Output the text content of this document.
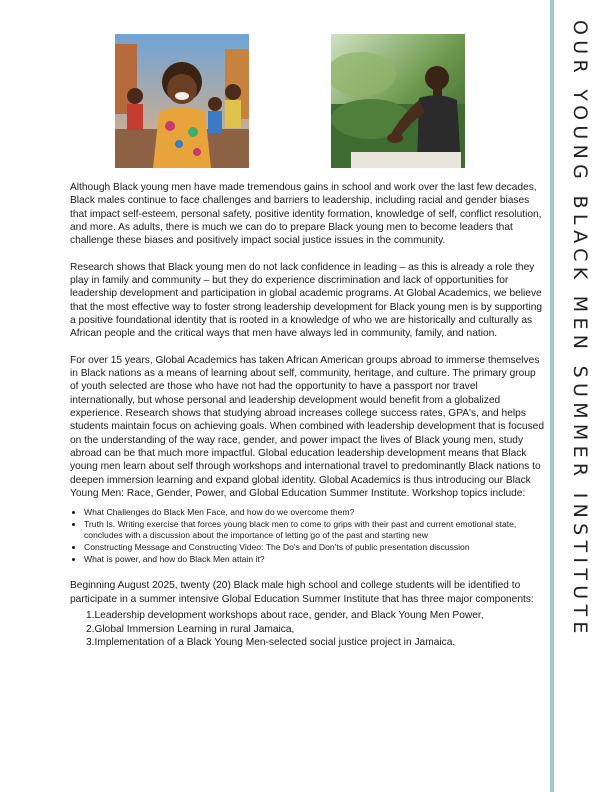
OUR YOUNG BLACK MEN SUMMER INSTITUTE

Although Black young men have made tremendous gains in school and work over the last few decades, Black males continue to face challenges and barriers to leadership, including racial and gender biases that impact self-esteem, personal safety, positive identity formation, knowledge of self, conflict resolution, and more. As adults, there is much we can do to prepare Black young men to become leaders that challenge these biases and positively impact social justice issues in the community.

Research shows that Black young men do not lack confidence in leading – as this is already a role they play in family and community – but they do experience discrimination and lack of opportunities for leadership development and participation in global academic programs. At Global Academics, we believe that the most effective way to foster strong leadership development for Black young men is by supporting a positive foundational identity that is rooted in a knowledge of who we are historically and culturally as African people and the critical ways that men have always led in community, family, and nation.

For over 15 years, Global Academics has taken African American groups abroad to immerse themselves in Black nations as a means of learning about self, community, heritage, and culture. The primary group of youth selected are those who have not had the opportunity to have a passport nor travel internationally, but whose personal and leadership development would benefit from a globalized experience. Research shows that studying abroad increases college success rates, GPA's, and helps students maintain focus on achieving goals. When combined with leadership development that is focused on the understanding of the way race, gender, and power impact the lives of Black young men, study abroad can be that much more impactful. Global education leadership development means that Black young men learn about self through workshops and international travel to predominantly Black nations to deepen immersion learning and expand global identity. Global Academics is thus introducing our Black Young Men: Race, Gender, Power, and Global Education Summer Institute. Workshop topics include:

• What Challenges do Black Men Face, and how do we overcome them?
• Truth Is. Writing exercise that forces young black men to come to grips with their past and current emotional state, concludes with a discussion about the importance of letting go of the past and starting new
• Constructing Message and Constructing Video: The Do's and Don'ts of public presentation discussion
• What is power, and how do Black Men attain it?

Beginning August 2025, twenty (20) Black male high school and college students will be identified to participate in a summer intensive Global Education Summer Institute that has three major components:

1.Leadership development workshops about race, gender, and Black Young Men Power,
2.Global Immersion Learning in rural Jamaica,
3.Implementation of a Black Young Men-selected social justice project in Jamaica.
